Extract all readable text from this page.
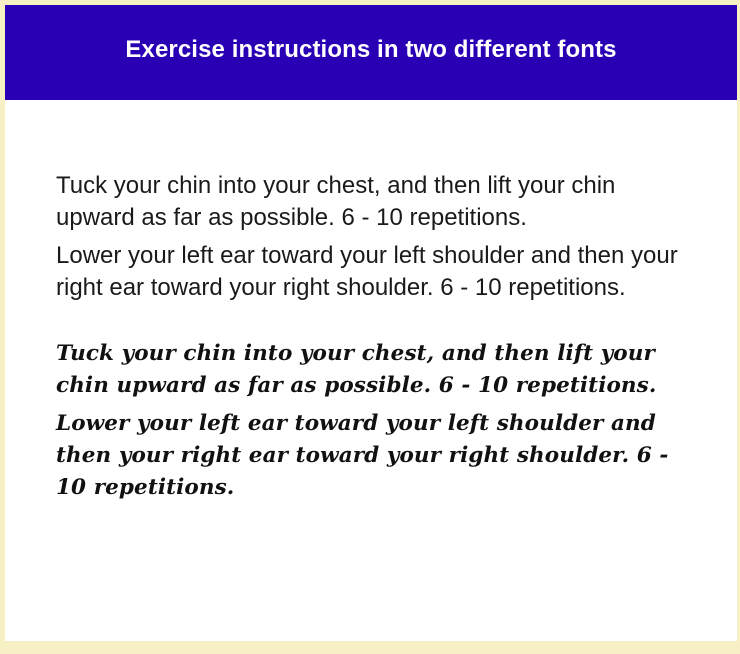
Exercise instructions in two different fonts

Tuck your chin into your chest, and then lift your chin upward as far as possible. 6 - 10 repetitions.

Lower your left ear toward your left shoulder and then your right ear toward your right shoulder. 6 - 10 repetitions.

Tuck your chin into your chest, and then lift your chin upward as far as possible. 6 - 10 repetitions.

Lower your left ear toward your left shoulder and then your right ear toward your right shoulder. 6 - 10 repetitions.
